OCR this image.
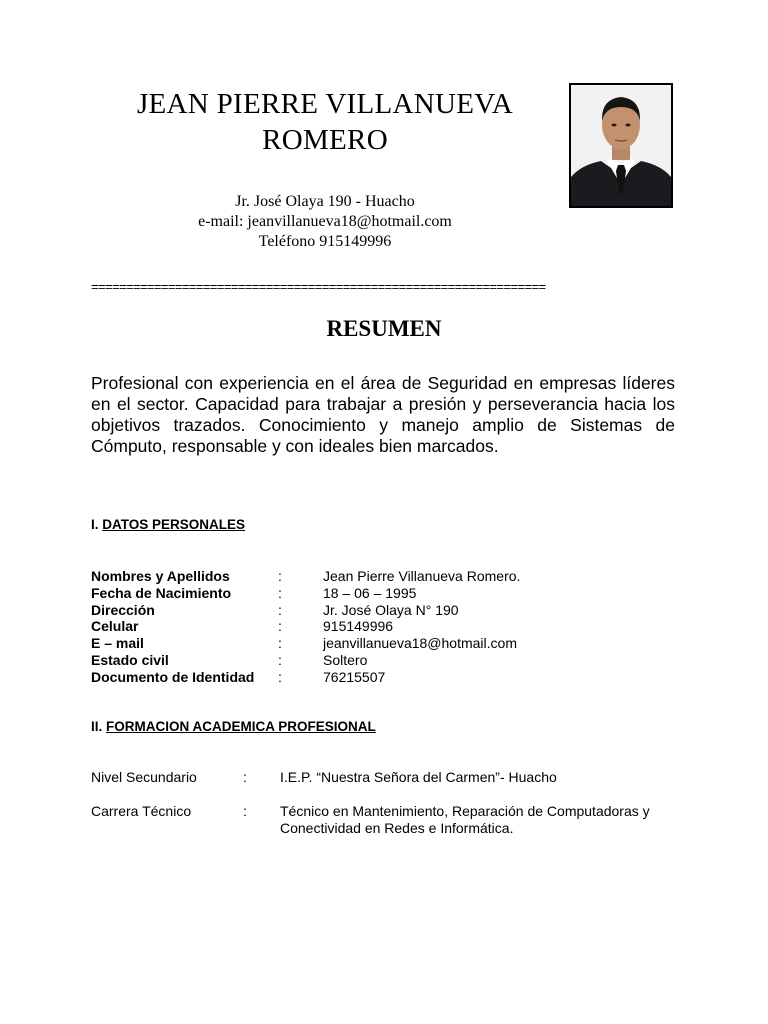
JEAN PIERRE VILLANUEVA
ROMERO
Jr. José Olaya 190 - Huacho
e-mail: jeanvillanueva18@hotmail.com
Teléfono 915149996
=================================================================
RESUMEN
Profesional con experiencia en el área de Seguridad en empresas líderes en el sector. Capacidad para trabajar a presión y perseverancia hacia los objetivos trazados. Conocimiento y manejo amplio de Sistemas de Cómputo, responsable y con ideales bien marcados.
I. DATOS PERSONALES
Nombres y Apellidos	:	Jean Pierre Villanueva Romero.
Fecha de Nacimiento	:	18 – 06 – 1995
Dirección	:	Jr. José Olaya N° 190
Celular	:	915149996
E – mail	:	jeanvillanueva18@hotmail.com
Estado civil	:	Soltero
Documento de Identidad	:	76215507
II. FORMACION ACADEMICA PROFESIONAL
Nivel Secundario	:	I.E.P. “Nuestra Señora del Carmen”- Huacho
Carrera Técnico	:	Técnico en Mantenimiento, Reparación de Computadoras y Conectividad en Redes e Informática.
